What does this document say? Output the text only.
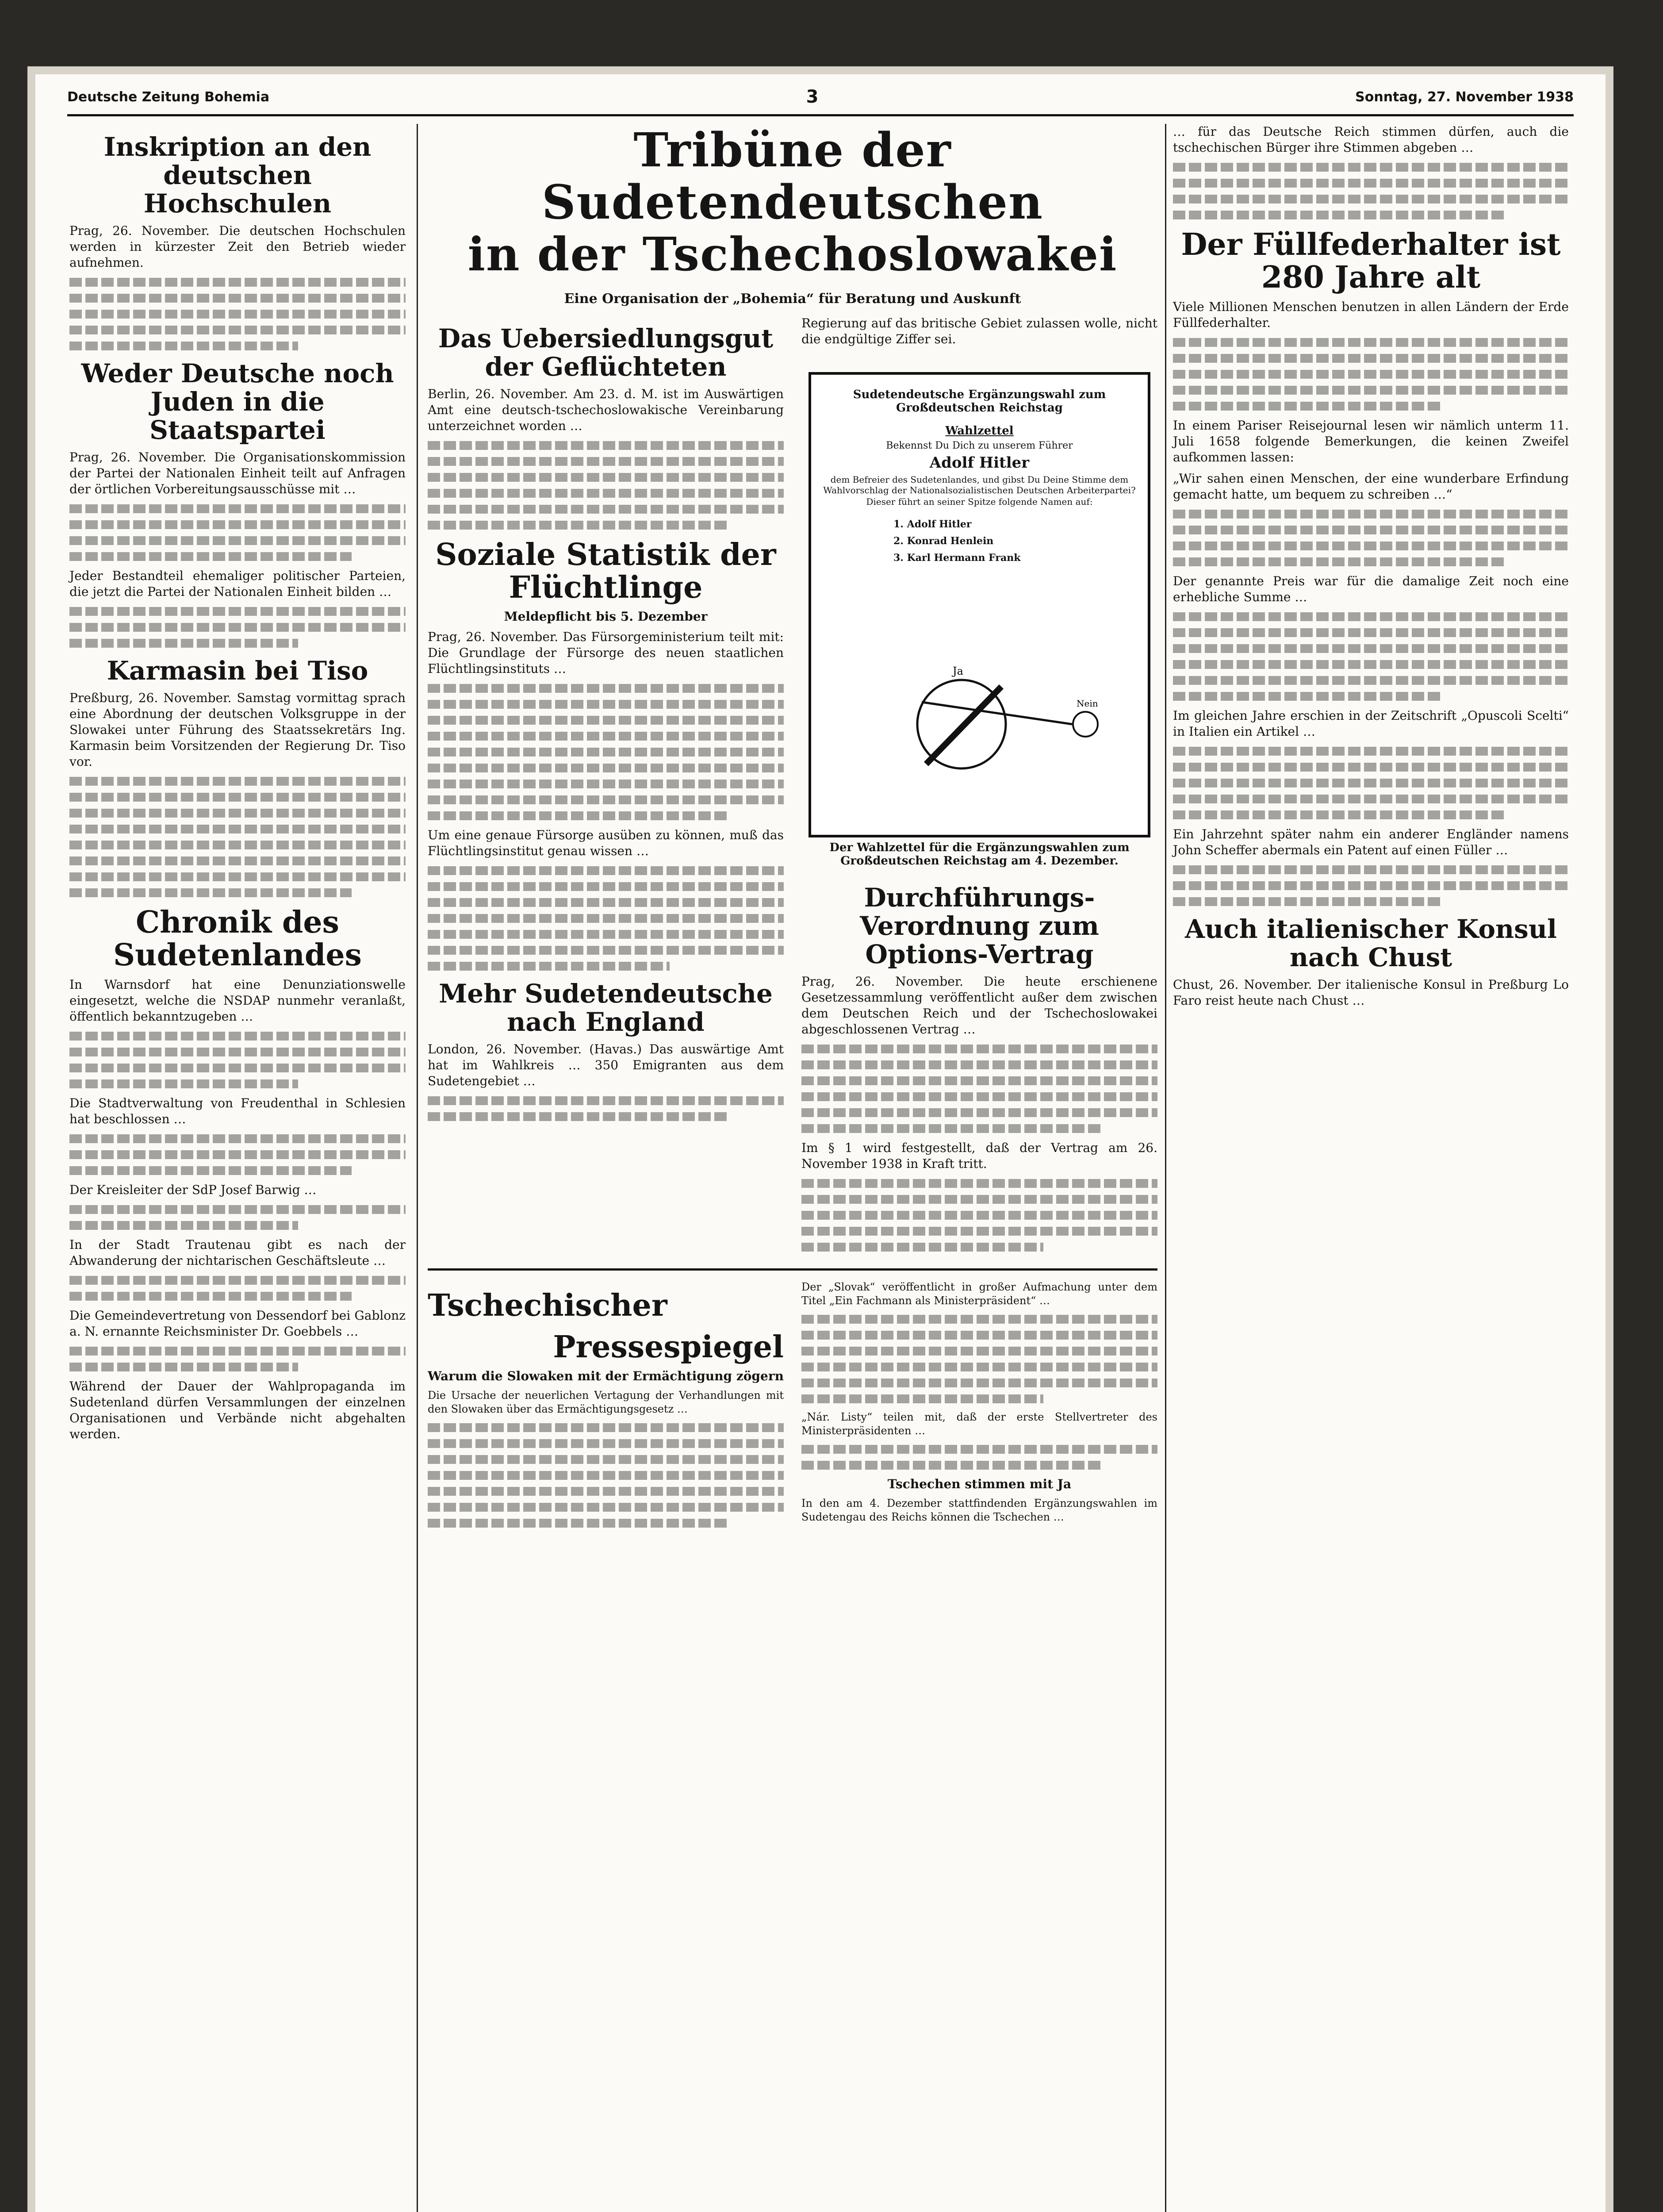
Deutsche Zeitung Bohemia	3	Sonntag, 27. November 1938
Inskription an den deutschen Hochschulen

Prag, 26. November. Die deutschen Hochschulen werden in kürzester Zeit den Betrieb wieder aufnehmen.

Weder Deutsche noch Juden in die Staatspartei

Prag, 26. November. Die Organisationskommission der Partei der Nationalen Einheit teilt auf Anfragen der örtlichen Vorbereitungsausschüsse mit …

Jeder Bestandteil ehemaliger politischer Parteien, die jetzt die Partei der Nationalen Einheit bilden …

Karmasin bei Tiso

Preßburg, 26. November. Samstag vormittag sprach eine Abordnung der deutschen Volksgruppe in der Slowakei unter Führung des Staatssekretärs Ing. Karmasin beim Vorsitzenden der Regierung Dr. Tiso vor.

Chronik des Sudetenlandes

In Warnsdorf hat eine Denunziationswelle eingesetzt, welche die NSDAP nunmehr veranlaßt, öffentlich bekanntzugeben …

Die Stadtverwaltung von Freudenthal in Schlesien hat beschlossen …

Der Kreisleiter der SdP Josef Barwig …

In der Stadt Trautenau gibt es nach der Abwanderung der nichtarischen Geschäftsleute …

Die Gemeindevertretung von Dessendorf bei Gablonz a. N. ernannte Reichsminister Dr. Goebbels …

Während der Dauer der Wahlpropaganda im Sudetenland dürfen Versammlungen der einzelnen Organisationen und Verbände nicht abgehalten werden.

Tribüne der Sudetendeutschen
in der Tschechoslowakei
Eine Organisation der „Bohemia“ für Beratung und Auskunft
Das Uebersiedlungsgut der Geflüchteten

Berlin, 26. November. Am 23. d. M. ist im Auswärtigen Amt eine deutsch-tschechoslowakische Vereinbarung unterzeichnet worden …

Soziale Statistik der Flüchtlinge
Meldepflicht bis 5. Dezember

Prag, 26. November. Das Fürsorgeministerium teilt mit: Die Grundlage der Fürsorge des neuen staatlichen Flüchtlingsinstituts …

Um eine genaue Fürsorge ausüben zu können, muß das Flüchtlingsinstitut genau wissen …

Mehr Sudetendeutsche nach England

London, 26. November. (Havas.) Das auswärtige Amt hat im Wahlkreis … 350 Emigranten aus dem Sudetengebiet …

Regierung auf das britische Gebiet zulassen wolle, nicht die endgültige Ziffer sei.

Sudetendeutsche Ergänzungswahl zum Großdeutschen Reichstag
Wahlzettel
Bekennst Du Dich zu unserem Führer
Adolf Hitler
dem Befreier des Sudetenlandes, und gibst Du Deine Stimme dem Wahlvorschlag der Nationalsozialistischen Deutschen Arbeiterpartei?
Dieser führt an seiner Spitze folgende Namen auf:
1. Adolf Hitler
2. Konrad Henlein
3. Karl Hermann Frank
Ja
Nein
Der Wahlzettel für die Ergänzungswahlen zum Großdeutschen Reichstag am 4. Dezember.
Durchführungs-Verordnung zum Options-Vertrag

Prag, 26. November. Die heute erschienene Gesetzessammlung veröffentlicht außer dem zwischen dem Deutschen Reich und der Tschechoslowakei abgeschlossenen Vertrag …

Im § 1 wird festgestellt, daß der Vertrag am 26. November 1938 in Kraft tritt.

Tschechischer
Pressespiegel
Warum die Slowaken mit der Ermächtigung zögern

Die Ursache der neuerlichen Vertagung der Verhandlungen mit den Slowaken über das Ermächtigungsgesetz …

Der „Slovak“ veröffentlicht in großer Aufmachung unter dem Titel „Ein Fachmann als Ministerpräsident“ …

„Nár. Listy“ teilen mit, daß der erste Stellvertreter des Ministerpräsidenten …

Tschechen stimmen mit Ja

In den am 4. Dezember stattfindenden Ergänzungswahlen im Sudetengau des Reichs können die Tschechen …

… für das Deutsche Reich stimmen dürfen, auch die tschechischen Bürger ihre Stimmen abgeben …

Der Füllfederhalter ist 280 Jahre alt

Viele Millionen Menschen benutzen in allen Ländern der Erde Füllfederhalter.

In einem Pariser Reisejournal lesen wir nämlich unterm 11. Juli 1658 folgende Bemerkungen, die keinen Zweifel aufkommen lassen:

„Wir sahen einen Menschen, der eine wunderbare Erfindung gemacht hatte, um bequem zu schreiben …“

Der genannte Preis war für die damalige Zeit noch eine erhebliche Summe …

Im gleichen Jahre erschien in der Zeitschrift „Opuscoli Scelti“ in Italien ein Artikel …

Ein Jahrzehnt später nahm ein anderer Engländer namens John Scheffer abermals ein Patent auf einen Füller …

Auch italienischer Konsul nach Chust

Chust, 26. November. Der italienische Konsul in Preßburg Lo Faro reist heute nach Chust …
